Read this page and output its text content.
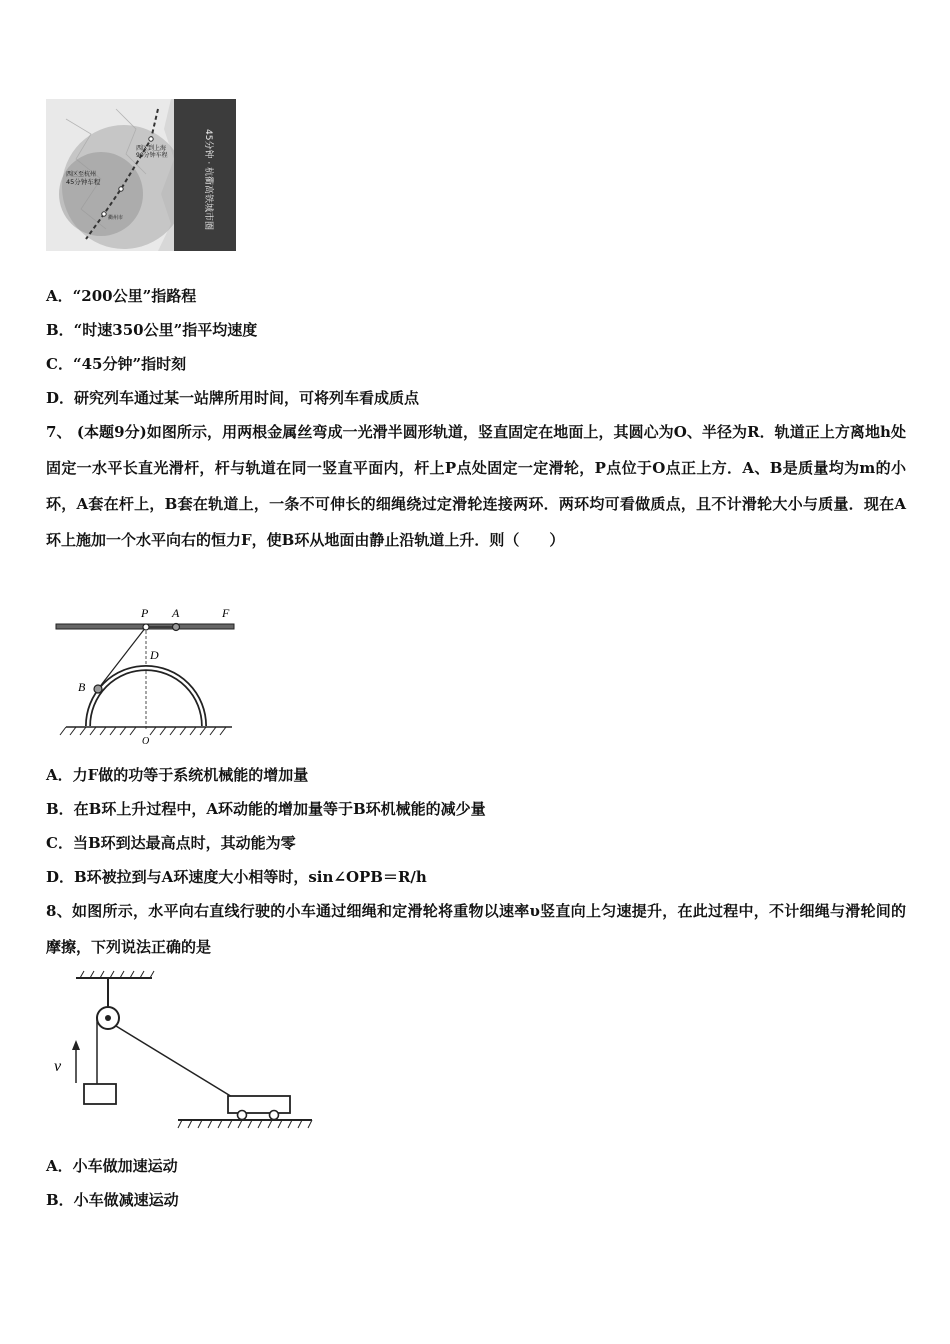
45分钟 · 杭衢高铁城市圈
西区到上海
90分钟车程
西区至杭州
45分钟车程
衢州市
A．“200公里”指路程
B．“时速350公里”指平均速度
C．“45分钟”指时刻
D．研究列车通过某一站牌所用时间，可将列车看成质点
7、 (本题9分)如图所示，用两根金属丝弯成一光滑半圆形轨道，竖直固定在地面上，其圆心为O、半径为R．轨道正上方离地h处固定一水平长直光滑杆，杆与轨道在同一竖直平面内，杆上P点处固定一定滑轮，P点位于O点正上方．A、B是质量均为m的小环，A套在杆上，B套在轨道上，一条不可伸长的细绳绕过定滑轮连接两环．两环均可看做质点，且不计滑轮大小与质量．现在A环上施加一个水平向右的恒力F，使B环从地面由静止沿轨道上升．则（　　）
P A	F
D
B
O
A．力F做的功等于系统机械能的增加量
B．在B环上升过程中，A环动能的增加量等于B环机械能的减少量
C．当B环到达最高点时，其动能为零
D．B环被拉到与A环速度大小相等时，sin∠OPB＝R/h
8、如图所示，水平向右直线行驶的小车通过细绳和定滑轮将重物以速率υ竖直向上匀速提升，在此过程中，不计细绳与滑轮间的摩擦，下列说法正确的是
v
A．小车做加速运动
B．小车做减速运动
